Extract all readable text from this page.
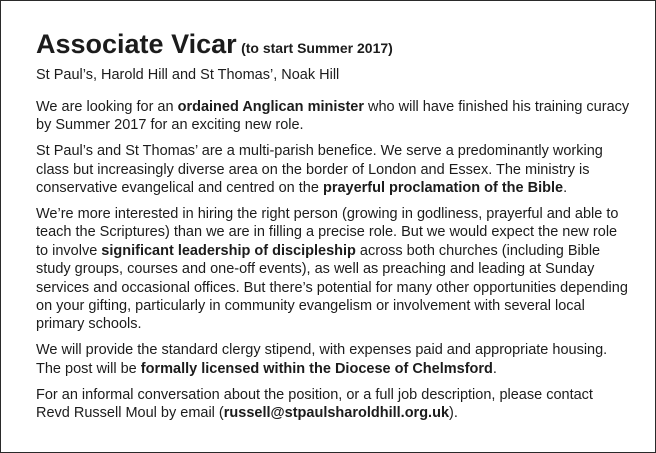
Associate Vicar (to start Summer 2017)
St Paul’s, Harold Hill and St Thomas’, Noak Hill

We are looking for an ordained Anglican minister who will have finished his training curacy
by Summer 2017 for an exciting new role.

St Paul’s and St Thomas’ are a multi-parish benefice. We serve a predominantly working
class but increasingly diverse area on the border of London and Essex. The ministry is
conservative evangelical and centred on the prayerful proclamation of the Bible.

We’re more interested in hiring the right person (growing in godliness, prayerful and able to
teach the Scriptures) than we are in filling a precise role. But we would expect the new role
to involve significant leadership of discipleship across both churches (including Bible
study groups, courses and one-off events), as well as preaching and leading at Sunday
services and occasional offices. But there’s potential for many other opportunities depending
on your gifting, particularly in community evangelism or involvement with several local
primary schools.

We will provide the standard clergy stipend, with expenses paid and appropriate housing.
The post will be formally licensed within the Diocese of Chelmsford.

For an informal conversation about the position, or a full job description, please contact
Revd Russell Moul by email (russell@stpaulsharoldhill.org.uk).
